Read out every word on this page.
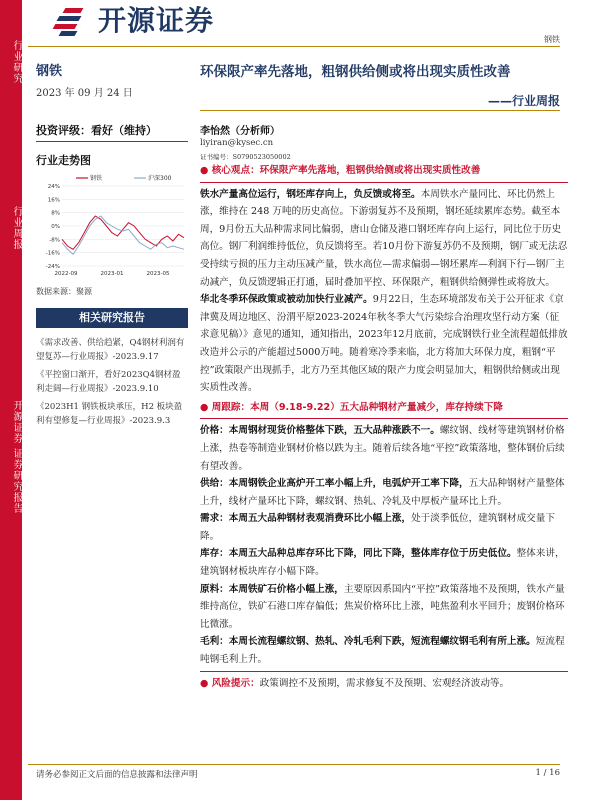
行业研究
行业周报
开源证券 证券研究报告
开源证券
钢铁
钢铁
2023 年 09 月 24 日
投资评级：看好（维持）
行业走势图
24%
16%
8%
0%
-8%
-16%
-24%
2022-09	2023-01	2023-05
钢铁	沪深300
数据来源：聚源
相关研究报告
《需求改善、供给趋紧，Q4钢材利润有望复苏—行业周报》-2023.9.17
《平控窗口渐开，看好2023Q4钢材盈利走阔—行业周报》-2023.9.10
《2023H1 钢铁板块承压，H2 板块盈利有望修复—行业周报》-2023.9.3
环保限产率先落地，粗钢供给侧或将出现实质性改善
——行业周报
李怡然（分析师）
liyiran@kysec.cn
证书编号：S0790523050002

● 核心观点：环保限产率先落地，粗钢供给侧或将出现实质性改善

铁水产量高位运行，钢坯库存向上，负反馈或将至。本周铁水产量同比、环比仍然上涨，维持在 248 万吨的历史高位。下游弱复苏不及预期，钢坯延续累库态势。截至本周，9月份五大品种需求同比偏弱，唐山仓储及港口钢坯库存向上运行，同比位于历史高位。钢厂利润维持低位，负反馈将至。若10月份下游复苏仍不及预期，钢厂或无法忍受持续亏损的压力主动压减产量，铁水高位—需求偏弱—钢坯累库—利润下行—钢厂主动减产，负反馈逻辑正打通，届时叠加平控、环保限产，粗钢供给侧弹性或将放大。

华北冬季环保政策或被动加快行业减产。9月22日，生态环境部发布关于公开征求《京津冀及周边地区、汾渭平原2023-2024年秋冬季大气污染综合治理攻坚行动方案（征求意见稿）》意见的通知，通知指出，2023年12月底前，完成钢铁行业全流程超低排放改造并公示的产能超过5000万吨。随着寒冷季来临，北方将加大环保力度，粗钢“平控”政策限产出现抓手，北方乃至其他区域的限产力度会明显加大，粗钢供给侧或出现实质性改善。

● 周跟踪：本周（9.18-9.22）五大品种钢材产量减少，库存持续下降

价格：本周钢材现货价格整体下跌，五大品种涨跌不一。螺纹钢、线材等建筑钢材价格上涨，热卷等制造业钢材价格以跌为主。随着后续各地“平控”政策落地，整体钢价后续有望改善。

供给：本周钢铁企业高炉开工率小幅上升，电弧炉开工率下降，五大品种钢材产量整体上升，线材产量环比下降，螺纹钢、热轧、冷轧及中厚板产量环比上升。

需求：本周五大品种钢材表观消费环比小幅上涨，处于淡季低位，建筑钢材成交量下降。

库存：本周五大品种总库存环比下降，同比下降，整体库存位于历史低位。整体来讲，建筑钢材板块库存小幅下降。

原料：本周铁矿石价格小幅上涨，主要原因系国内“平控”政策落地不及预期，铁水产量维持高位，铁矿石港口库存偏低；焦炭价格环比上涨，吨焦盈利水平回升；废钢价格环比微涨。

毛利：本周长流程螺纹钢、热轧、冷轧毛利下跌，短流程螺纹钢毛利有所上涨。短流程吨钢毛利上升。

● 风险提示：政策调控不及预期，需求修复不及预期、宏观经济波动等。

请务必参阅正文后面的信息披露和法律声明	1 / 16
